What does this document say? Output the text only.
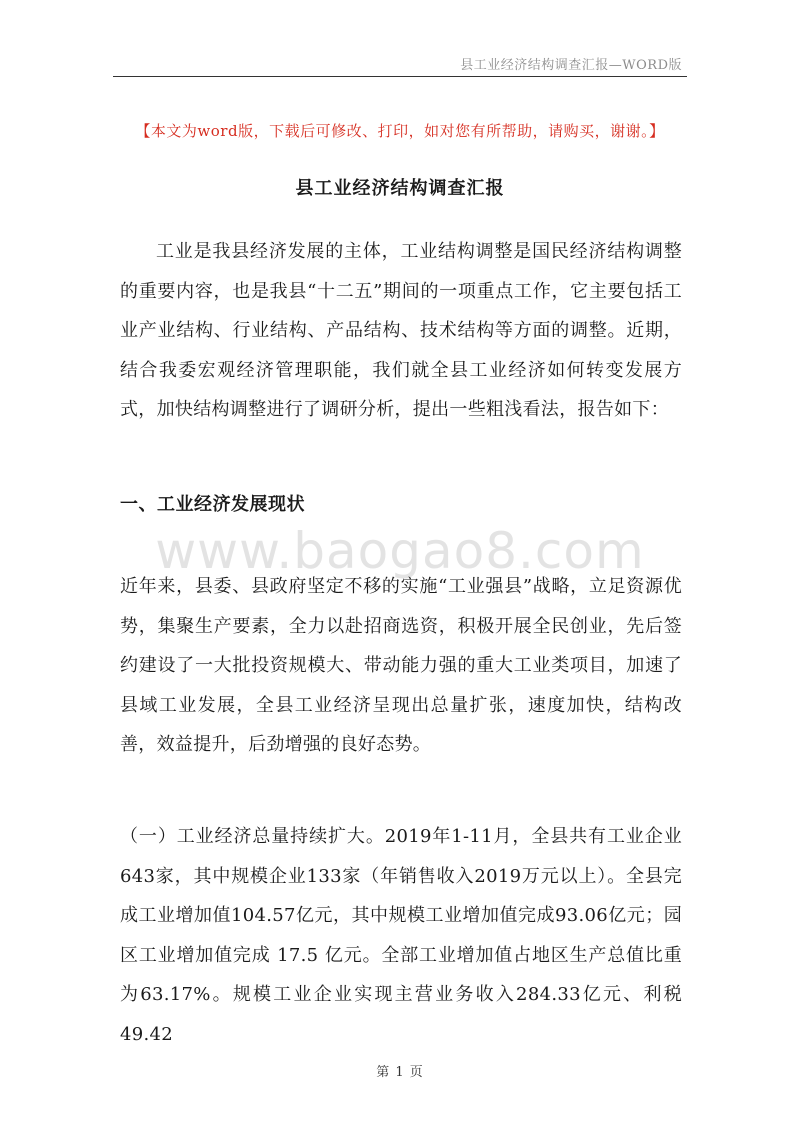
县工业经济结构调查汇报—WORD版
【本文为word版，下载后可修改、打印，如对您有所帮助，请购买，谢谢。】
县工业经济结构调查汇报

工业是我县经济发展的主体，工业结构调整是国民经济结构调整的重要内容，也是我县“十二五”期间的一项重点工作，它主要包括工业产业结构、行业结构、产品结构、技术结构等方面的调整。近期，结合我委宏观经济管理职能，我们就全县工业经济如何转变发展方式，加快结构调整进行了调研分析，提出一些粗浅看法，报告如下：

一、工业经济发展现状
www.baogao8.com

近年来，县委、县政府坚定不移的实施“工业强县”战略，立足资源优势，集聚生产要素，全力以赴招商选资，积极开展全民创业，先后签约建设了一大批投资规模大、带动能力强的重大工业类项目，加速了县域工业发展，全县工业经济呈现出总量扩张，速度加快，结构改善，效益提升，后劲增强的良好态势。

（一）工业经济总量持续扩大。2019年1-11月，全县共有工业企业643家，其中规模企业133家（年销售收入2019万元以上）。全县完成工业增加值104.57亿元，其中规模工业增加值完成93.06亿元；园区工业增加值完成 17.5 亿元。全部工业增加值占地区生产总值比重为63.17%。规模工业企业实现主营业务收入284.33亿元、利税49.42

第 1 页
